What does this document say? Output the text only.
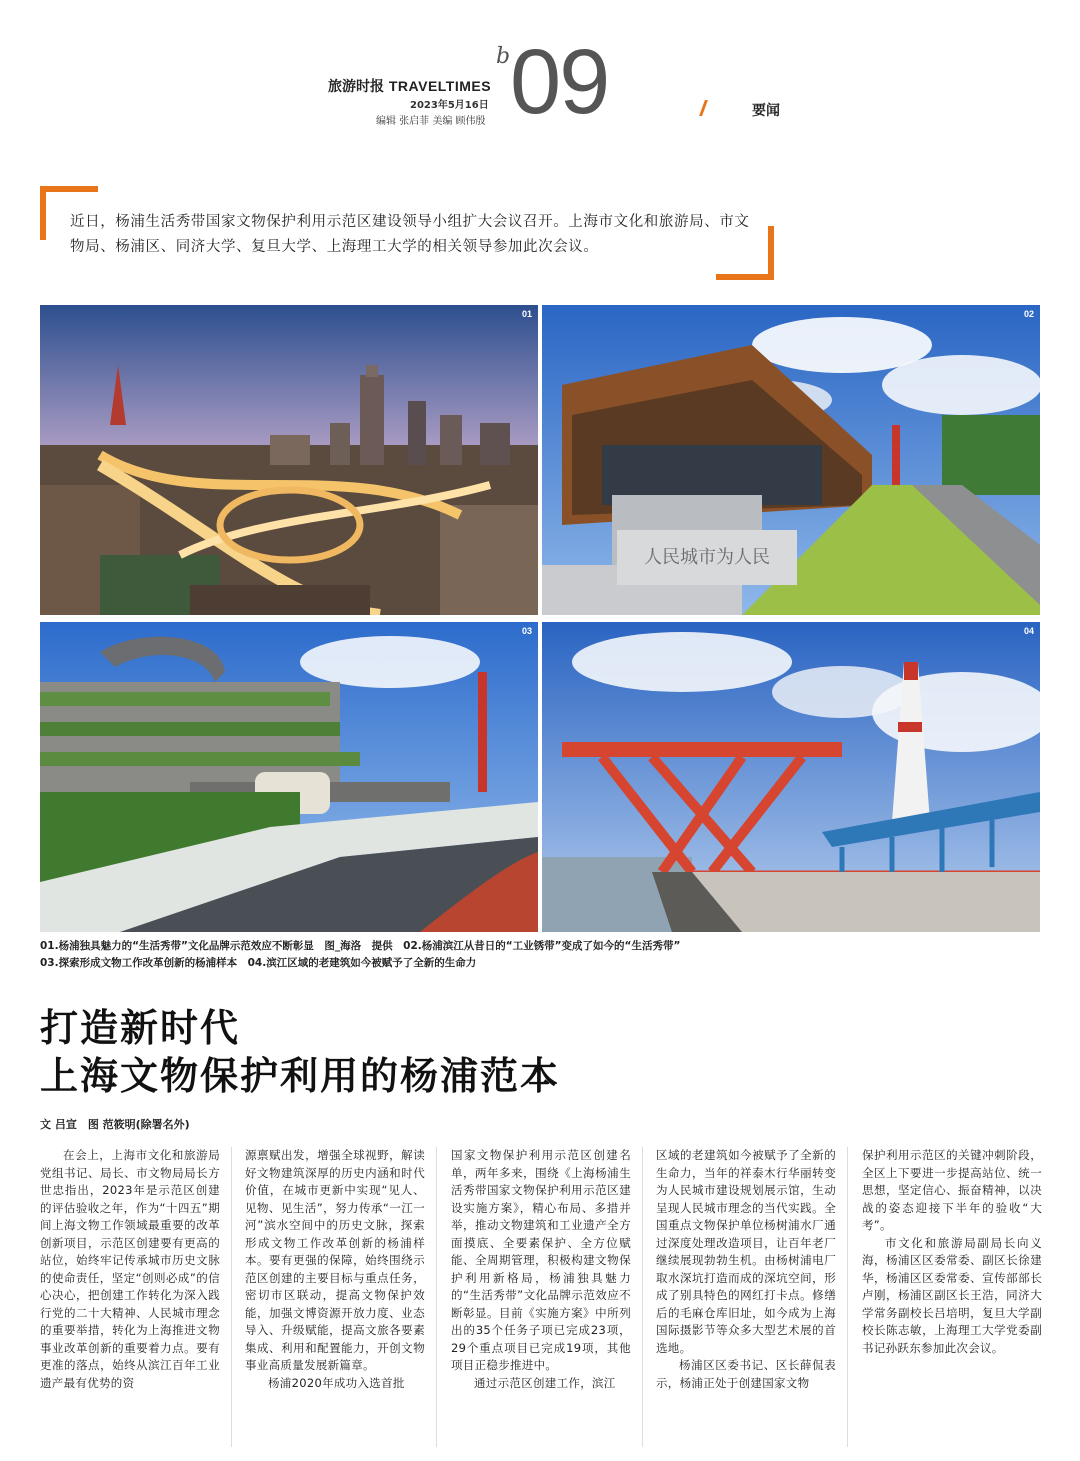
旅游时报 TRAVELTIMES
2023年5月16日
编辑 张启菲 美编 顾伟殷
b 09	要闻
近日，杨浦生活秀带国家文物保护利用示范区建设领导小组扩大会议召开。上海市文化和旅游局、市文物局、杨浦区、同济大学、复旦大学、上海理工大学的相关领导参加此次会议。
01
人民城市为人民
02
03	04
01.杨浦独具魅力的“生活秀带”文化品牌示范效应不断彰显　图_海洛　提供　02.杨浦滨江从昔日的“工业锈带”变成了如今的“生活秀带”
03.探索形成文物工作改革创新的杨浦样本　04.滨江区域的老建筑如今被赋予了全新的生命力
打造新时代
上海文物保护利用的杨浦范本
文 吕宣　图 范筱明(除署名外)

在会上，上海市文化和旅游局党组书记、局长、市文物局局长方世忠指出，2023年是示范区创建的评估验收之年，作为“十四五”期间上海文物工作领域最重要的改革创新项目，示范区创建要有更高的站位，始终牢记传承城市历史文脉的使命责任，坚定“创则必成”的信心决心，把创建工作转化为深入践行党的二十大精神、人民城市理念的重要举措，转化为上海推进文物事业改革创新的重要着力点。要有更准的落点，始终从滨江百年工业遗产最有优势的资

源禀赋出发，增强全球视野，解读好文物建筑深厚的历史内涵和时代价值，在城市更新中实现“见人、见物、见生活”，努力传承“一江一河”滨水空间中的历史文脉，探索形成文物工作改革创新的杨浦样本。要有更强的保障，始终围绕示范区创建的主要目标与重点任务，密切市区联动，提高文物保护效能，加强文博资源开放力度、业态导入、升级赋能，提高文旅各要素集成、利用和配置能力，开创文物事业高质量发展新篇章。

杨浦2020年成功入选首批

国家文物保护利用示范区创建名单，两年多来，围绕《上海杨浦生活秀带国家文物保护利用示范区建设实施方案》，精心布局、多措并举，推动文物建筑和工业遗产全方面摸底、全要素保护、全方位赋能、全周期管理，积极构建文物保护利用新格局，杨浦独具魅力的“生活秀带”文化品牌示范效应不断彰显。目前《实施方案》中所列出的35个任务子项已完成23项，29个重点项目已完成19项，其他项目正稳步推进中。

通过示范区创建工作，滨江

区域的老建筑如今被赋予了全新的生命力，当年的祥泰木行华丽转变为人民城市建设规划展示馆，生动呈现人民城市理念的当代实践。全国重点文物保护单位杨树浦水厂通过深度处理改造项目，让百年老厂继续展现勃勃生机。由杨树浦电厂取水深坑打造而成的深坑空间，形成了别具特色的网红打卡点。修缮后的毛麻仓库旧址，如今成为上海国际摄影节等众多大型艺术展的首选地。

杨浦区区委书记、区长薛侃表示，杨浦正处于创建国家文物

保护利用示范区的关键冲刺阶段，全区上下要进一步提高站位、统一思想，坚定信心、振奋精神，以决战的姿态迎接下半年的验收“大考”。

市文化和旅游局副局长向义海，杨浦区区委常委、副区长徐建华，杨浦区区委常委、宣传部部长卢刚，杨浦区副区长王浩，同济大学常务副校长吕培明，复旦大学副校长陈志敏，上海理工大学党委副书记孙跃东参加此次会议。
